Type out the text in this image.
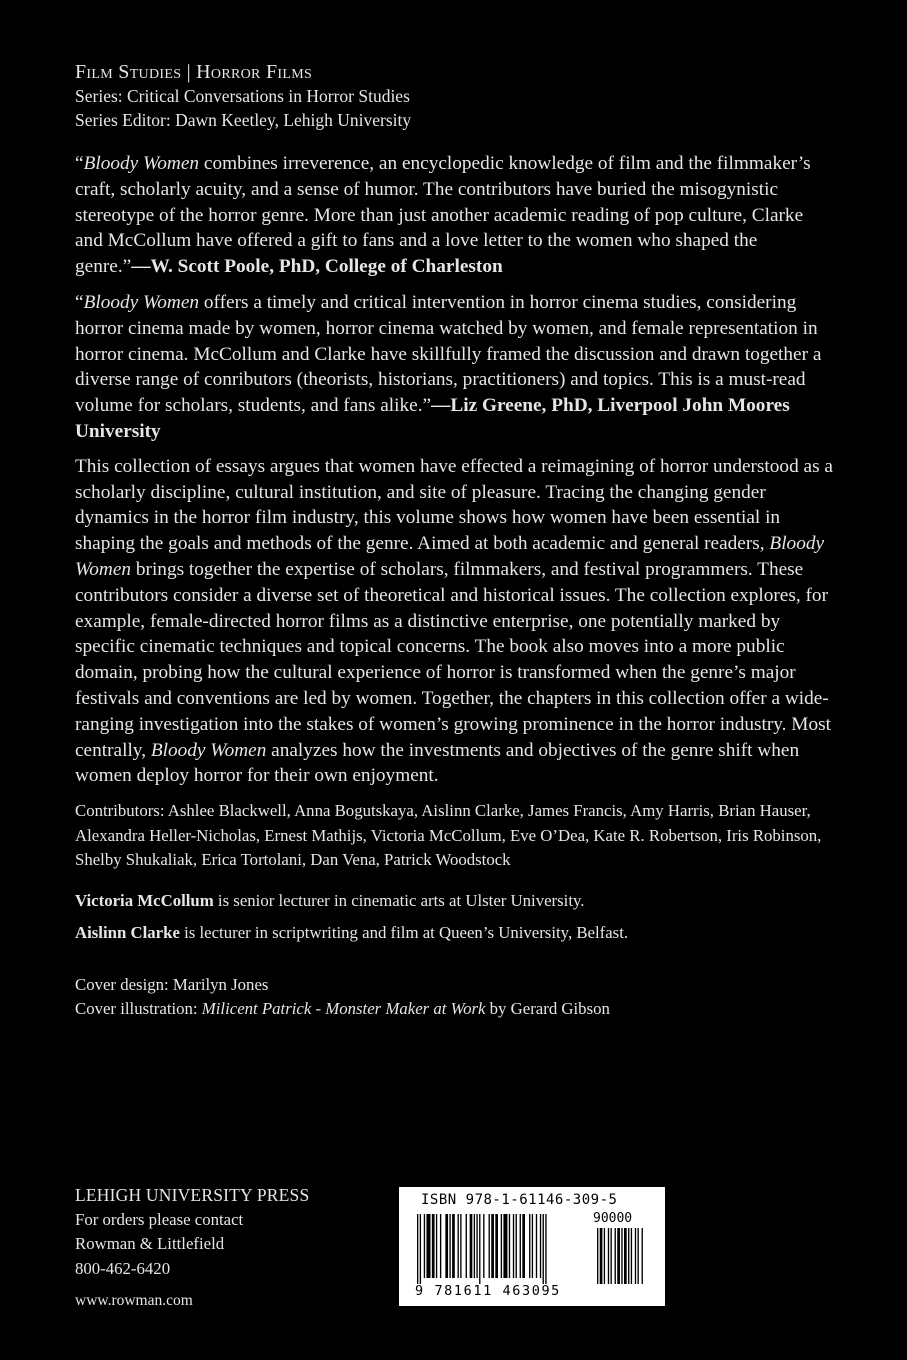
Film Studies | Horror Films
Series: Critical Conversations in Horror Studies
Series Editor: Dawn Keetley, Lehigh University

“Bloody Women combines irreverence, an encyclopedic knowledge of film and the filmmaker’s craft, scholarly acuity, and a sense of humor. The contributors have buried the misogynistic stereotype of the horror genre. More than just another academic reading of pop culture, Clarke and McCollum have offered a gift to fans and a love letter to the women who shaped the genre.”—W. Scott Poole, PhD, College of Charleston

“Bloody Women offers a timely and critical intervention in horror cinema studies, considering horror cinema made by women, horror cinema watched by women, and female representation in horror cinema. McCollum and Clarke have skillfully framed the discussion and drawn together a diverse range of conributors (theorists, historians, practitioners) and topics. This is a must-read volume for scholars, students, and fans alike.”—Liz Greene, PhD, Liverpool John Moores University

This collection of essays argues that women have effected a reimagining of horror understood as a scholarly discipline, cultural institution, and site of pleasure. Tracing the changing gender dynamics in the horror film industry, this volume shows how women have been essential in shaping the goals and methods of the genre. Aimed at both academic and general readers, Bloody Women brings together the expertise of scholars, filmmakers, and festival programmers. These contributors consider a diverse set of theoretical and historical issues. The collection explores, for example, female-directed horror films as a distinctive enterprise, one potentially marked by specific cinematic techniques and topical concerns. The book also moves into a more public domain, probing how the cultural experience of horror is transformed when the genre’s major festivals and conventions are led by women. Together, the chapters in this collection offer a wide-ranging investigation into the stakes of women’s growing prominence in the horror industry. Most centrally, Bloody Women analyzes how the investments and objectives of the genre shift when women deploy horror for their own enjoyment.

Contributors: Ashlee Blackwell, Anna Bogutskaya, Aislinn Clarke, James Francis, Amy Harris, Brian Hauser, Alexandra Heller-Nicholas, Ernest Mathijs, Victoria McCollum, Eve O’Dea, Kate R. Robertson, Iris Robinson, Shelby Shukaliak, Erica Tortolani, Dan Vena, Patrick Woodstock

Victoria McCollum is senior lecturer in cinematic arts at Ulster University.

Aislinn Clarke is lecturer in scriptwriting and film at Queen’s University, Belfast.

Cover design: Marilyn Jones
Cover illustration: Milicent Patrick - Monster Maker at Work by Gerard Gibson
LEHIGH UNIVERSITY PRESS
For orders please contact
Rowman & Littlefield
800-462-6420
www.rowman.com
ISBN 978-1-61146-309-5
90000
9 781611 463095
